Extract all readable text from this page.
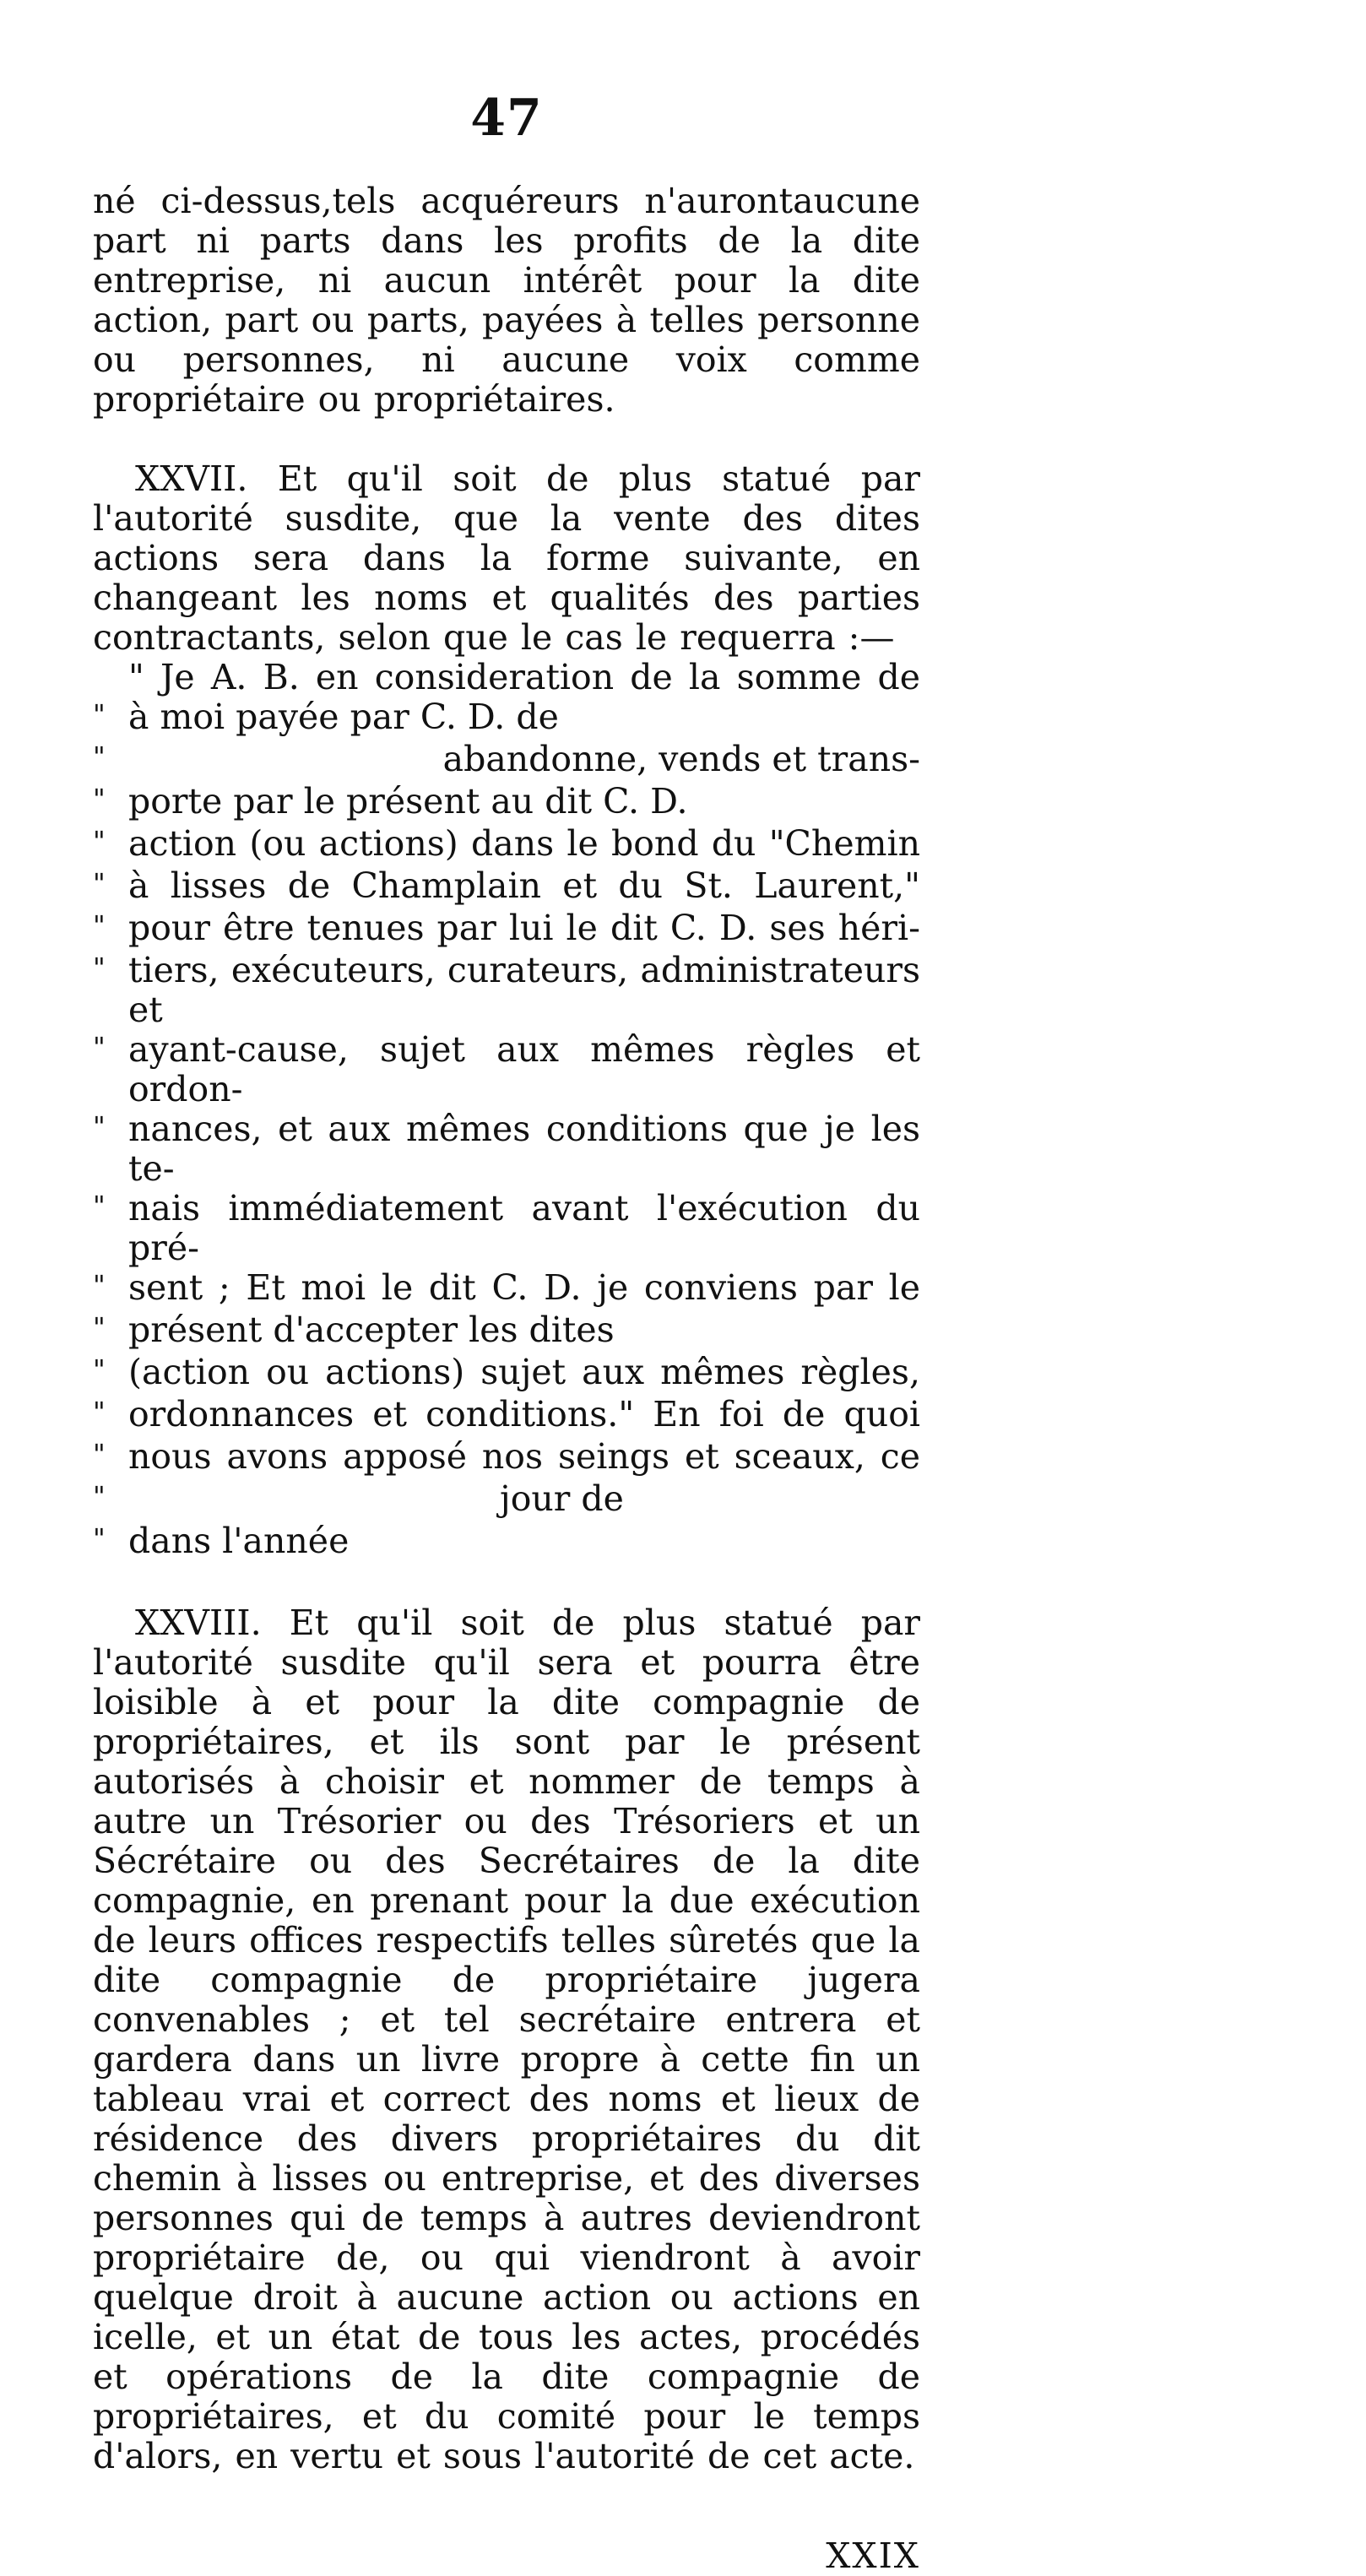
47

né ci-dessus,tels acquéreurs n'aurontaucune part ni parts dans les profits de la dite entreprise, ni aucun intérêt pour la dite action, part ou parts, payées à telles personne ou personnes, ni aucune voix comme propriétaire ou propriétaires.

XXVII. Et qu'il soit de plus statué par l'autorité susdite, que la vente des dites actions sera dans la forme suivante, en changeant les noms et qualités des parties contractants, selon que le cas le requerra :—

" Je A. B. en consideration de la somme de
" à moi payée par C. D. de
"	abandonne, vends et trans-
" porte par le présent au dit C. D.
" action (ou actions) dans le bond du "Chemin
" à lisses de Champlain et du St. Laurent,"
" pour être tenues par lui le dit C. D. ses héri-
" tiers, exécuteurs, curateurs, administrateurs et
" ayant-cause, sujet aux mêmes règles et ordon-
" nances, et aux mêmes conditions que je les te-
" nais immédiatement avant l'exécution du pré-
" sent ; Et moi le dit C. D. je conviens par le
" présent d'accepter les dites
" (action ou actions) sujet aux mêmes règles,
" ordonnances et conditions." En foi de quoi
" nous avons apposé nos seings et sceaux, ce
"	jour de
" dans l'année

XXVIII. Et qu'il soit de plus statué par l'autorité susdite qu'il sera et pourra être loisible à et pour la dite compagnie de propriétaires, et ils sont par le présent autorisés à choisir et nommer de temps à autre un Trésorier ou des Trésoriers et un Sécrétaire ou des Secrétaires de la dite compagnie, en prenant pour la due exécution de leurs offices respectifs telles sûretés que la dite compagnie de propriétaire jugera convenables ; et tel secrétaire entrera et gardera dans un livre propre à cette fin un tableau vrai et correct des noms et lieux de résidence des divers propriétaires du dit chemin à lisses ou entreprise, et des diverses personnes qui de temps à autres deviendront propriétaire de, ou qui viendront à avoir quelque droit à aucune action ou actions en icelle, et un état de tous les actes, procédés et opérations de la dite compagnie de propriétaires, et du comité pour le temps d'alors, en vertu et sous l'autorité de cet acte.

XXIX
